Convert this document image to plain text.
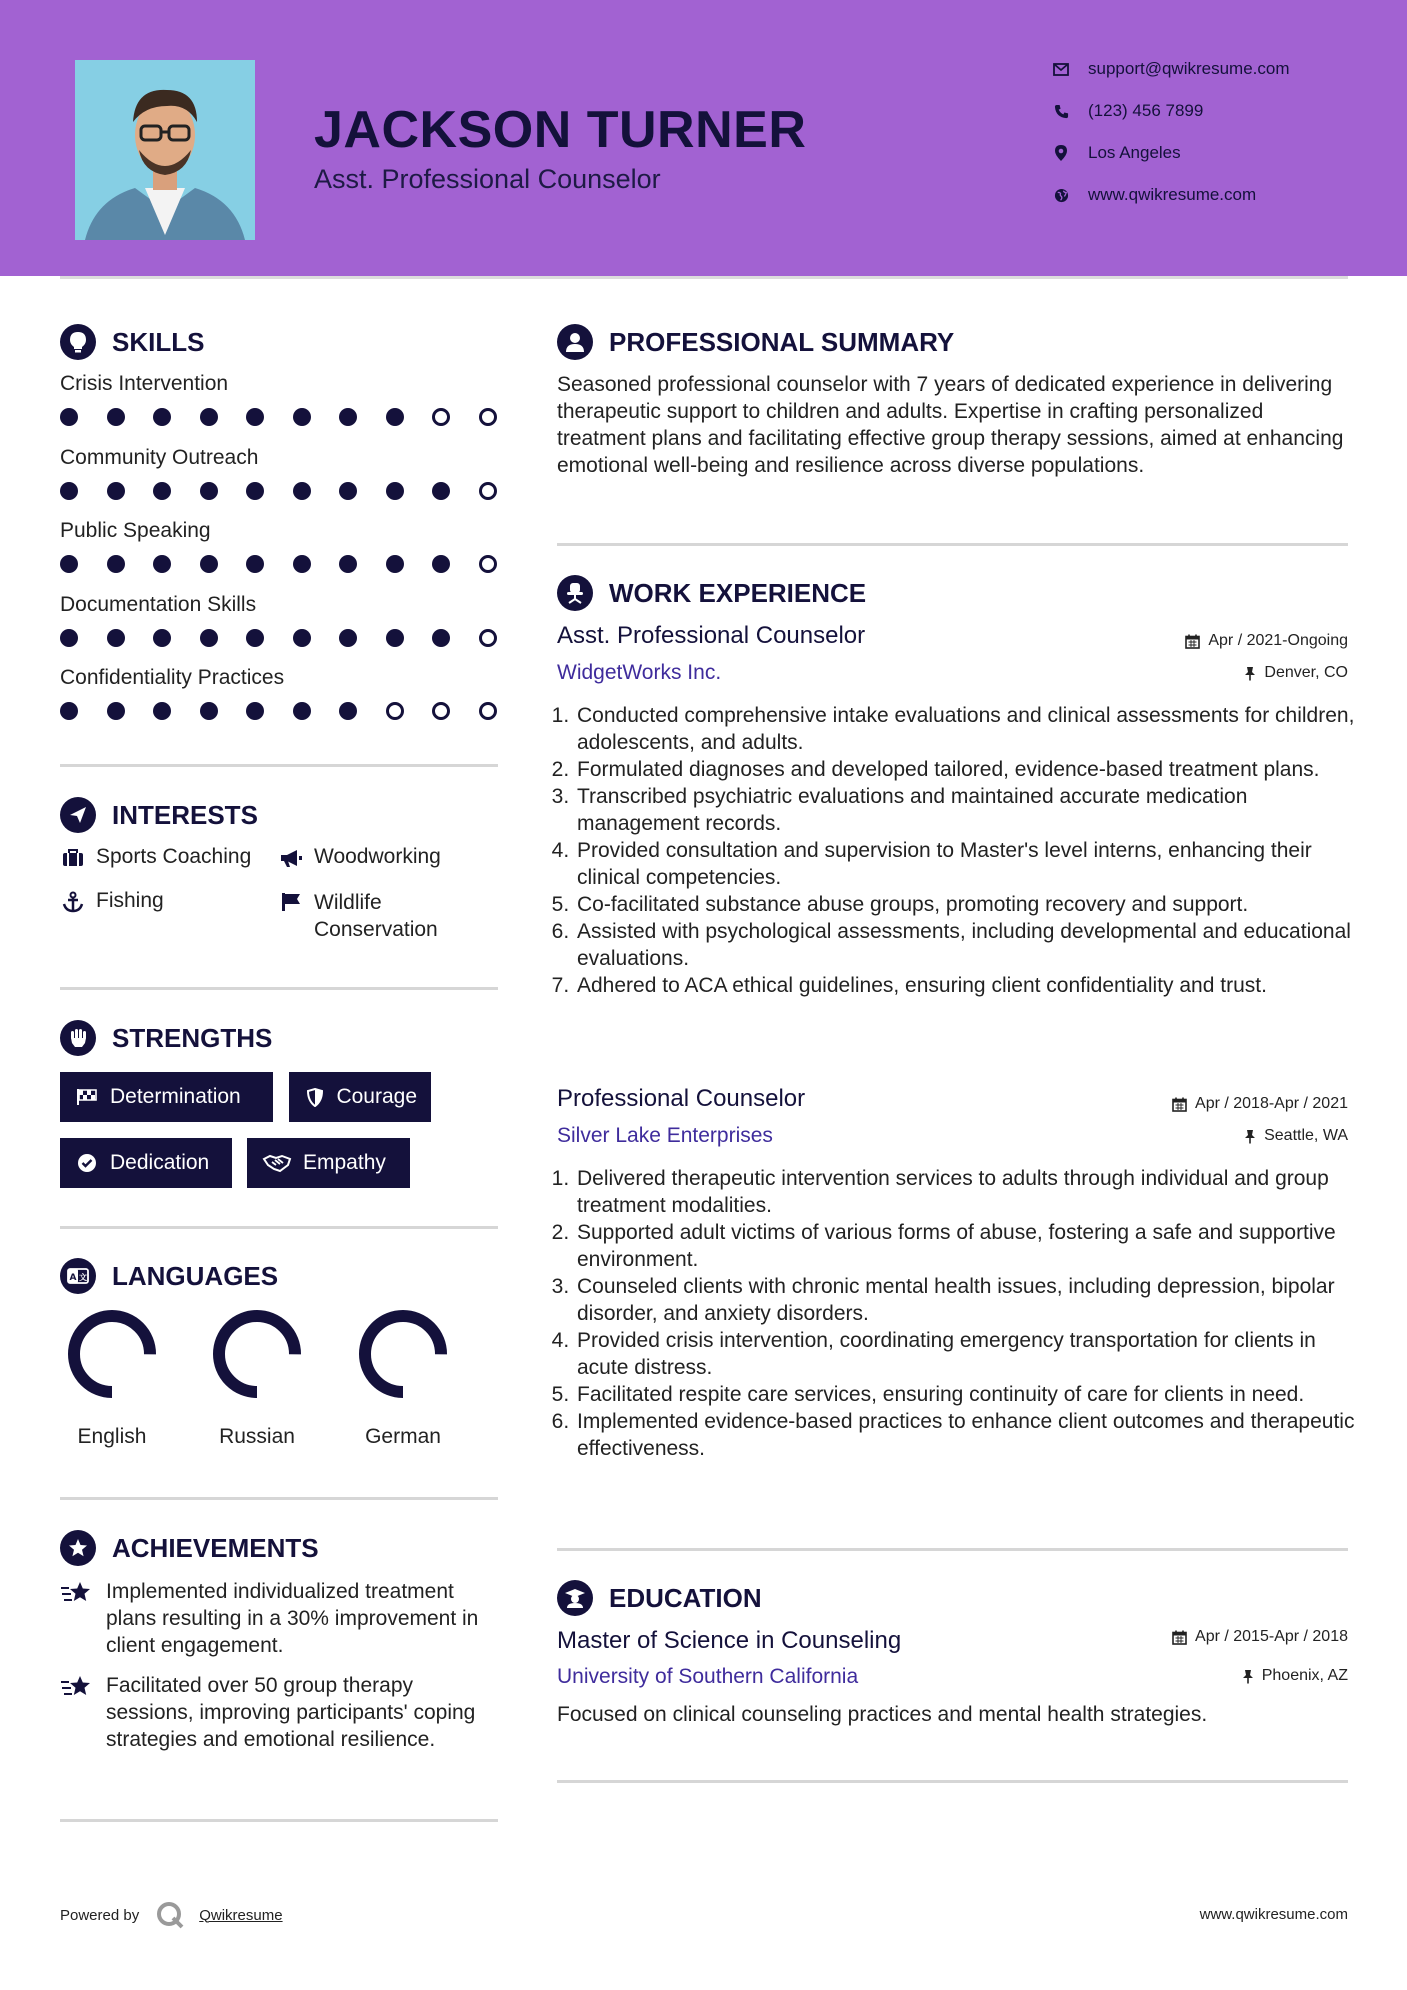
JACKSON TURNER
Asst. Professional Counselor
support@qwikresume.com
(123) 456 7899
Los Angeles
www.qwikresume.com
SKILLS
Crisis Intervention
Community Outreach
Public Speaking
Documentation Skills
Confidentiality Practices
INTERESTS
Sports Coaching	Woodworking
Fishing	Wildlife Conservation
STRENGTHS
Determination	Courage
Dedication	Empathy
A 文 LANGUAGES
English	Russian	German
ACHIEVEMENTS
Implemented individualized treatment plans resulting in a 30% improvement in client engagement.
Facilitated over 50 group therapy sessions, improving participants' coping strategies and emotional resilience.
PROFESSIONAL SUMMARY
Seasoned professional counselor with 7 years of dedicated experience in delivering therapeutic support to children and adults. Expertise in crafting personalized treatment plans and facilitating effective group therapy sessions, aimed at enhancing emotional well-being and resilience across diverse populations.
WORK EXPERIENCE
Asst. Professional Counselor	Apr / 2021-Ongoing
WidgetWorks Inc.	Denver, CO
1. Conducted comprehensive intake evaluations and clinical assessments for children, adolescents, and adults.
2. Formulated diagnoses and developed tailored, evidence-based treatment plans.
3. Transcribed psychiatric evaluations and maintained accurate medication management records.
4. Provided consultation and supervision to Master's level interns, enhancing their clinical competencies.
5. Co-facilitated substance abuse groups, promoting recovery and support.
6. Assisted with psychological assessments, including developmental and educational evaluations.
7. Adhered to ACA ethical guidelines, ensuring client confidentiality and trust.
Professional Counselor	Apr / 2018-Apr / 2021
Silver Lake Enterprises	Seattle, WA
1. Delivered therapeutic intervention services to adults through individual and group treatment modalities.
2. Supported adult victims of various forms of abuse, fostering a safe and supportive environment.
3. Counseled clients with chronic mental health issues, including depression, bipolar disorder, and anxiety disorders.
4. Provided crisis intervention, coordinating emergency transportation for clients in acute distress.
5. Facilitated respite care services, ensuring continuity of care for clients in need.
6. Implemented evidence-based practices to enhance client outcomes and therapeutic effectiveness.
EDUCATION
Master of Science in Counseling	Apr / 2015-Apr / 2018
University of Southern California	Phoenix, AZ
Focused on clinical counseling practices and mental health strategies.
Powered by	Qwikresume	www.qwikresume.com
